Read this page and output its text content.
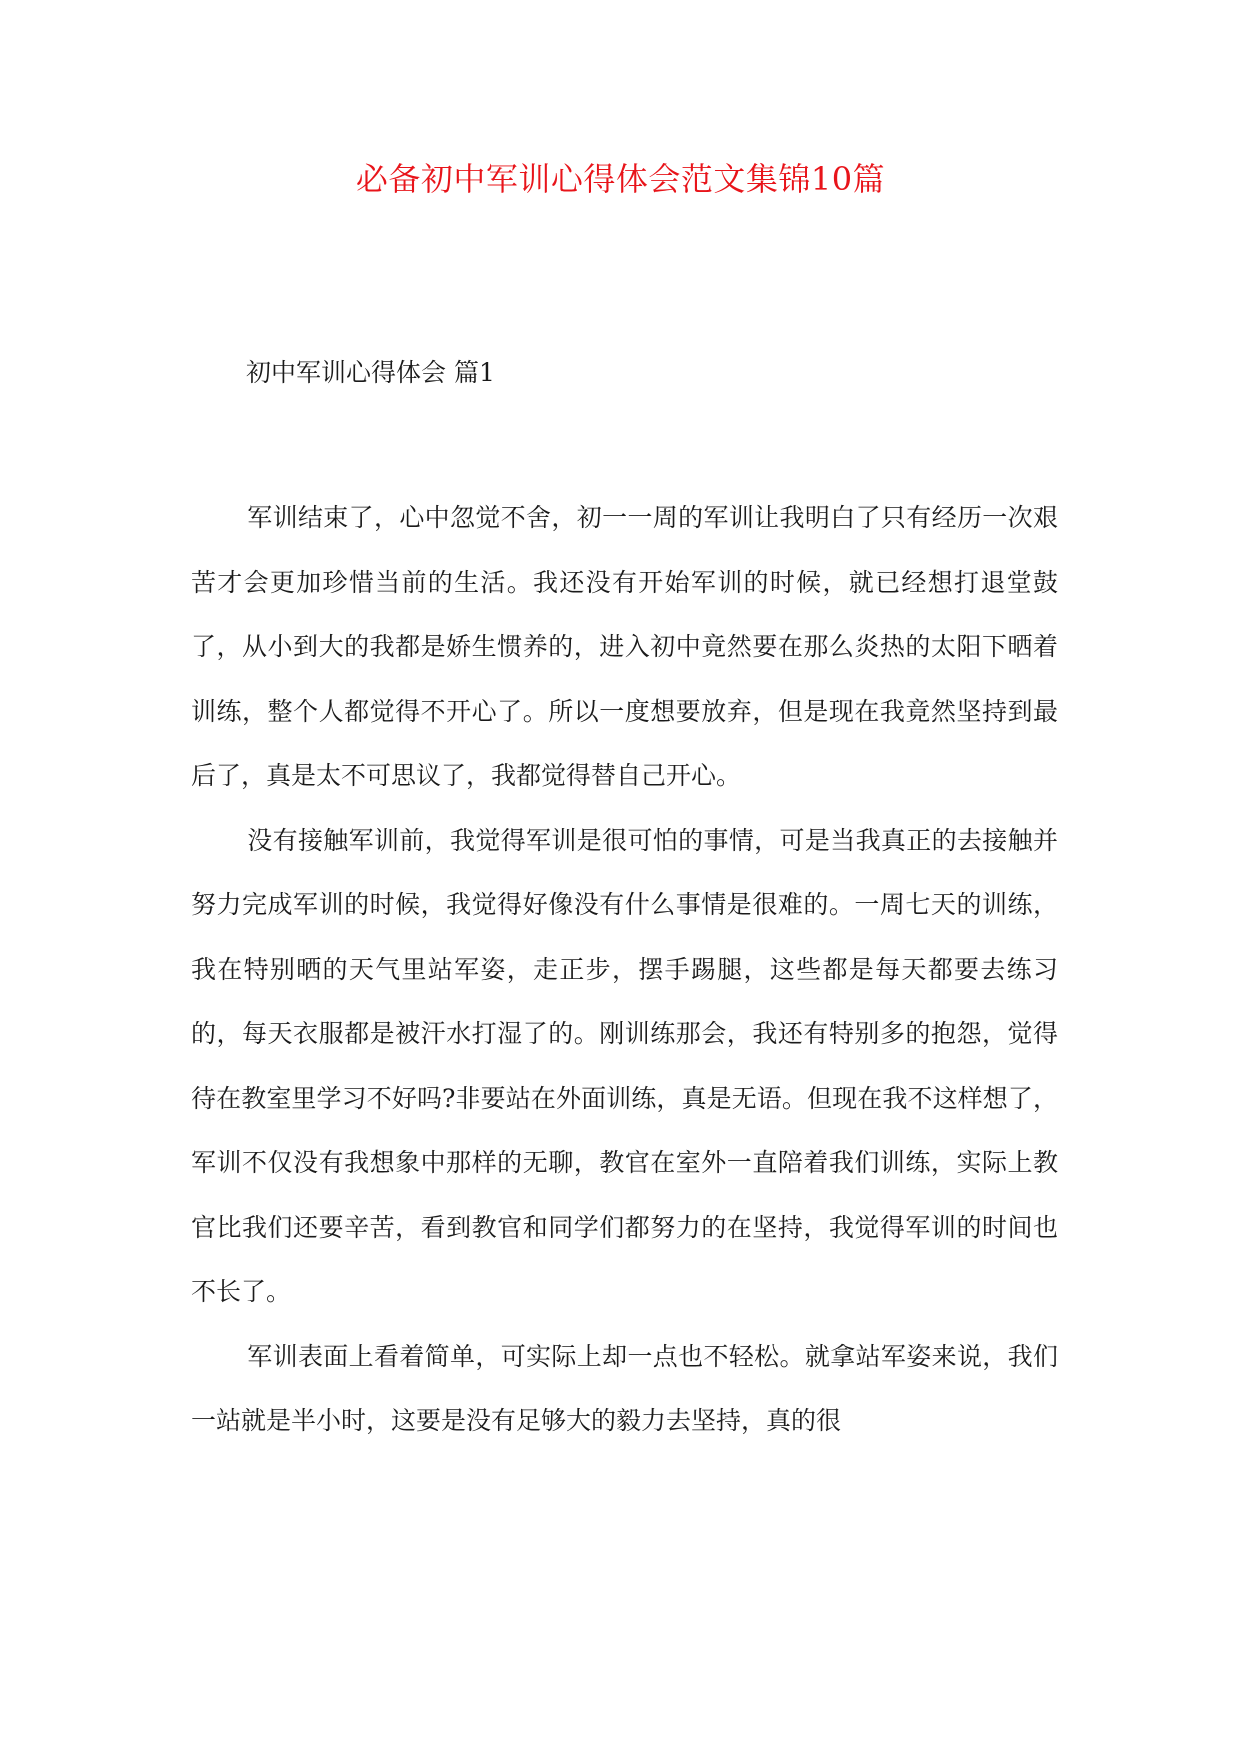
必备初中军训心得体会范文集锦10篇
初中军训心得体会 篇1

军训结束了，心中忽觉不舍，初一一周的军训让我明白了只有经历一次艰苦才会更加珍惜当前的生活。我还没有开始军训的时候，就已经想打退堂鼓了，从小到大的我都是娇生惯养的，进入初中竟然要在那么炎热的太阳下晒着训练，整个人都觉得不开心了。所以一度想要放弃，但是现在我竟然坚持到最后了，真是太不可思议了，我都觉得替自己开心。

没有接触军训前，我觉得军训是很可怕的事情，可是当我真正的去接触并努力完成军训的时候，我觉得好像没有什么事情是很难的。一周七天的训练，我在特别晒的天气里站军姿，走正步，摆手踢腿，这些都是每天都要去练习的，每天衣服都是被汗水打湿了的。刚训练那会，我还有特别多的抱怨，觉得待在教室里学习不好吗?非要站在外面训练，真是无语。但现在我不这样想了，军训不仅没有我想象中那样的无聊，教官在室外一直陪着我们训练，实际上教官比我们还要辛苦，看到教官和同学们都努力的在坚持，我觉得军训的时间也不长了。

军训表面上看着简单，可实际上却一点也不轻松。就拿站军姿来说，我们一站就是半小时，这要是没有足够大的毅力去坚持，真的很
